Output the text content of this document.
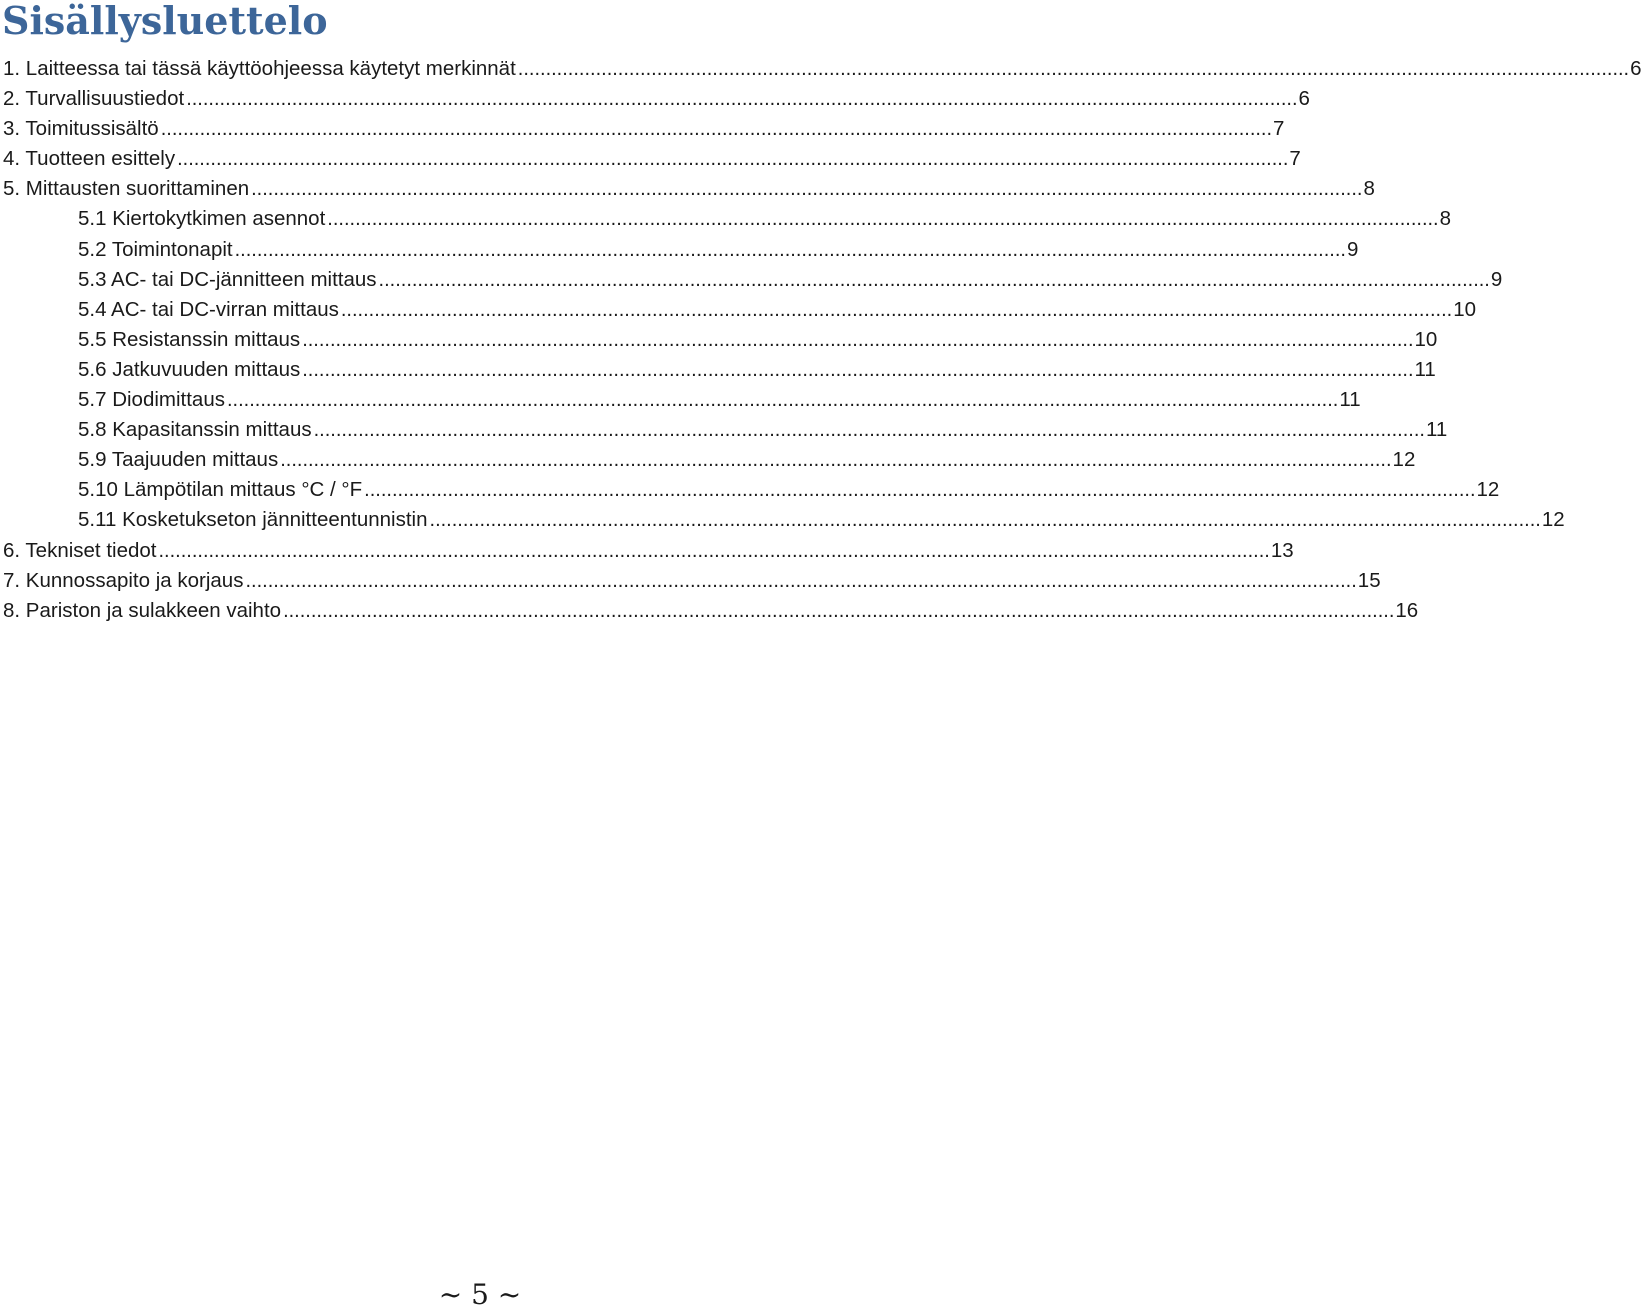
Sisällysluettelo
1. Laitteessa tai tässä käyttöohjeessa käytetyt merkinnät ........................................................................................................................................................................................................ 6
2. Turvallisuustiedot ........................................................................................................................................................................................................ 6
3. Toimitussisältö ........................................................................................................................................................................................................ 7
4. Tuotteen esittely ........................................................................................................................................................................................................ 7
5. Mittausten suorittaminen ........................................................................................................................................................................................................ 8
5.1 Kiertokytkimen asennot ........................................................................................................................................................................................................ 8
5.2 Toimintonapit ........................................................................................................................................................................................................ 9
5.3 AC- tai DC-jännitteen mittaus ........................................................................................................................................................................................................ 9
5.4 AC- tai DC-virran mittaus ........................................................................................................................................................................................................ 10
5.5 Resistanssin mittaus ........................................................................................................................................................................................................ 10
5.6 Jatkuvuuden mittaus ........................................................................................................................................................................................................ 11
5.7 Diodimittaus ........................................................................................................................................................................................................ 11
5.8 Kapasitanssin mittaus ........................................................................................................................................................................................................ 11
5.9 Taajuuden mittaus ........................................................................................................................................................................................................ 12
5.10 Lämpötilan mittaus °C / °F ........................................................................................................................................................................................................ 12
5.11 Kosketukseton jännitteentunnistin ........................................................................................................................................................................................................ 12
6. Tekniset tiedot ........................................................................................................................................................................................................ 13
7. Kunnossapito ja korjaus ........................................................................................................................................................................................................ 15
8. Pariston ja sulakkeen vaihto ........................................................................................................................................................................................................ 16
~ 5 ~
